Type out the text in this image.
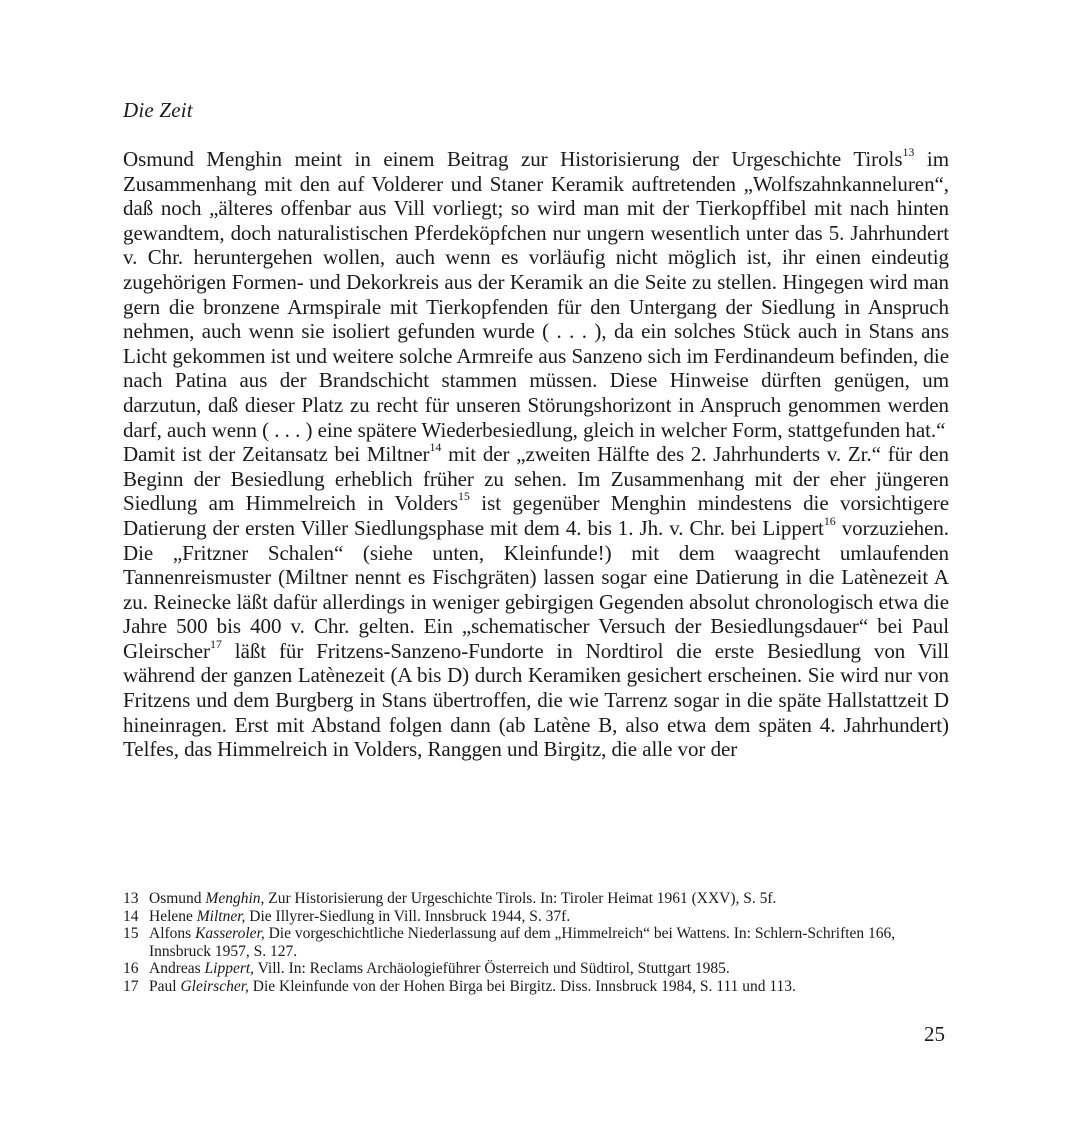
Die Zeit

Osmund Menghin meint in einem Beitrag zur Historisierung der Urgeschichte Tirols$^{13}$ im Zusammenhang mit den auf Volderer und Staner Keramik auftretenden „Wolfszahnkanneluren“, daß noch „älteres offenbar aus Vill vorliegt; so wird man mit der Tierkopffibel mit nach hinten gewandtem, doch naturalistischen Pferdeköpfchen nur ungern wesentlich unter das 5. Jahrhundert v. Chr. heruntergehen wollen, auch wenn es vorläufig nicht möglich ist, ihr einen eindeutig zugehörigen Formen- und Dekorkreis aus der Keramik an die Seite zu stellen. Hingegen wird man gern die bronzene Armspirale mit Tierkopfenden für den Untergang der Siedlung in Anspruch nehmen, auch wenn sie isoliert gefunden wurde ( . . . ), da ein solches Stück auch in Stans ans Licht gekommen ist und weitere solche Armreife aus Sanzeno sich im Ferdinandeum befinden, die nach Patina aus der Brandschicht stammen müssen. Diese Hinweise dürften genügen, um darzutun, daß dieser Platz zu recht für unseren Störungshorizont in Anspruch genommen werden darf, auch wenn ( . . . ) eine spätere Wiederbesiedlung, gleich in welcher Form, stattgefunden hat.“

Damit ist der Zeitansatz bei Miltner$^{14}$ mit der „zweiten Hälfte des 2. Jahrhunderts v. Zr.“ für den Beginn der Besiedlung erheblich früher zu sehen. Im Zusammenhang mit der eher jüngeren Siedlung am Himmelreich in Volders$^{15}$ ist gegenüber Menghin mindestens die vorsichtigere Datierung der ersten Viller Siedlungsphase mit dem 4. bis 1. Jh. v. Chr. bei Lippert$^{16}$ vorzuziehen. Die „Fritzner Schalen“ (siehe unten, Kleinfunde!) mit dem waagrecht umlaufenden Tannenreismuster (Miltner nennt es Fischgräten) lassen sogar eine Datierung in die Latènezeit A zu. Reinecke läßt dafür allerdings in weniger gebirgigen Gegenden absolut chronologisch etwa die Jahre 500 bis 400 v. Chr. gelten. Ein „schematischer Versuch der Besiedlungsdauer“ bei Paul Gleirscher$^{17}$ läßt für Fritzens-Sanzeno-Fundorte in Nordtirol die erste Besiedlung von Vill während der ganzen Latènezeit (A bis D) durch Keramiken gesichert erscheinen. Sie wird nur von Fritzens und dem Burgberg in Stans übertroffen, die wie Tarrenz sogar in die späte Hallstattzeit D hineinragen. Erst mit Abstand folgen dann (ab Latène B, also etwa dem späten 4. Jahrhundert) Telfes, das Himmelreich in Volders, Ranggen und Birgitz, die alle vor der

13 Osmund Menghin, Zur Historisierung der Urgeschichte Tirols. In: Tiroler Heimat 1961 (XXV), S. 5f.
14 Helene Miltner, Die Illyrer-Siedlung in Vill. Innsbruck 1944, S. 37f.
15 Alfons Kasseroler, Die vorgeschichtliche Niederlassung auf dem „Himmelreich“ bei Wattens. In: Schlern-Schriften 166, Innsbruck 1957, S. 127.
16 Andreas Lippert, Vill. In: Reclams Archäologieführer Österreich und Südtirol, Stuttgart 1985.
17 Paul Gleirscher, Die Kleinfunde von der Hohen Birga bei Birgitz. Diss. Innsbruck 1984, S. 111 und 113.
25
